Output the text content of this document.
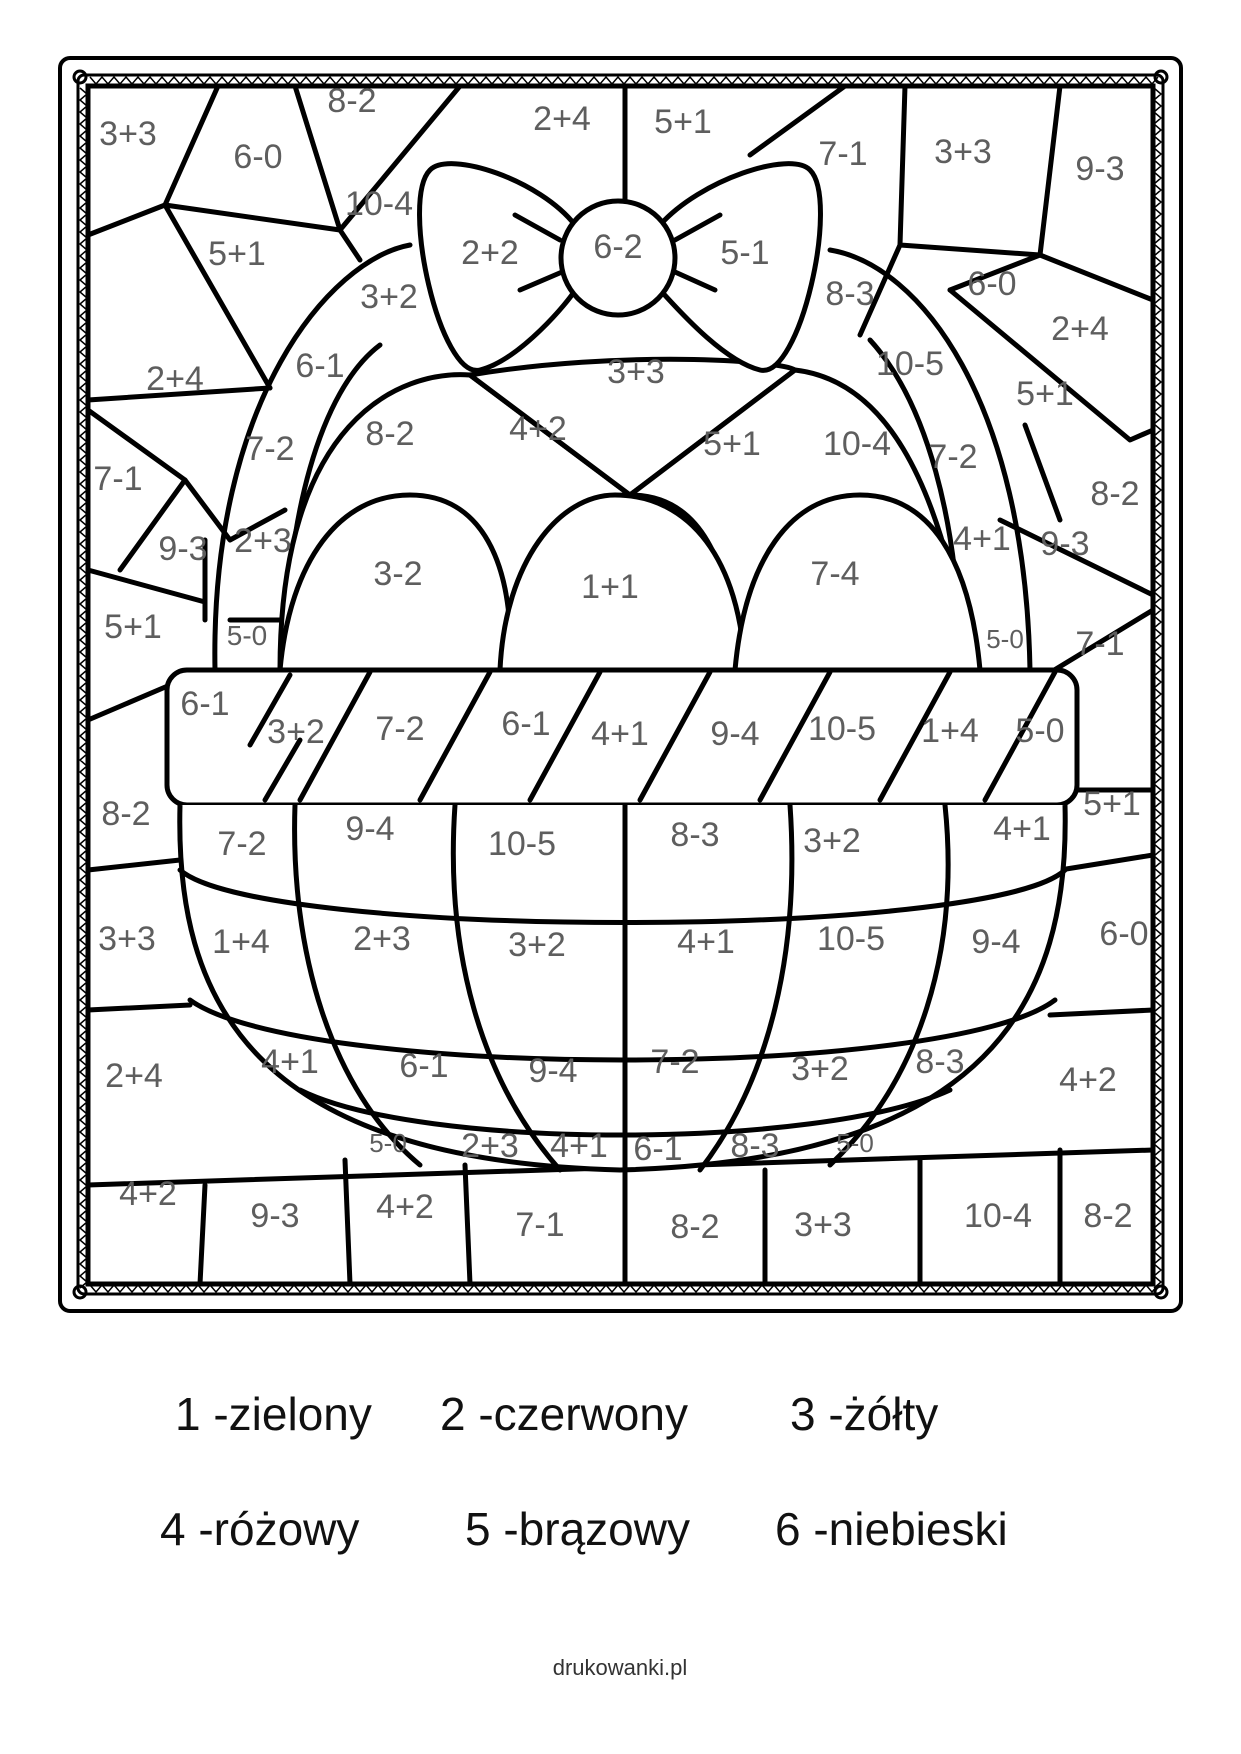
3+3
6-0
8-2	2+4 5+1
7-1 3+3 9-3
5+1
10-4
2+2 6-2 5-1
6-0
3+2	8-3
2+4	6-1	3+3	10-5
2+4
5+1
7-2 8-2	4+2	5+1 10-4 7-2
7-1	8-2
9-3 2+3
3-2	1+1	7-4
4+1 9-3
5+1 5-0	5-0 7-1
6-1
3+2 7-2 6-1 4+1 9-4 10-5 1+4 5-0
8-2
7-2 9-4	10-5	8-3 3+2	4+1
5+1
3+3 1+4 2+3	3+2	4+1 10-5	9-4 6-0
2+4	4+1 6-1 9-4 7-2	3+2 8-3	4+2
5-0 2+3 4+1 6-1 8-3 5-0
4+2
9-3 4+2 7-1	8-2 3+3	10-4 8-2
1 -zielony 2 -czerwony 3 -żółty
4 -różowy 5 -brązowy 6 -niebieski
drukowanki.pl
